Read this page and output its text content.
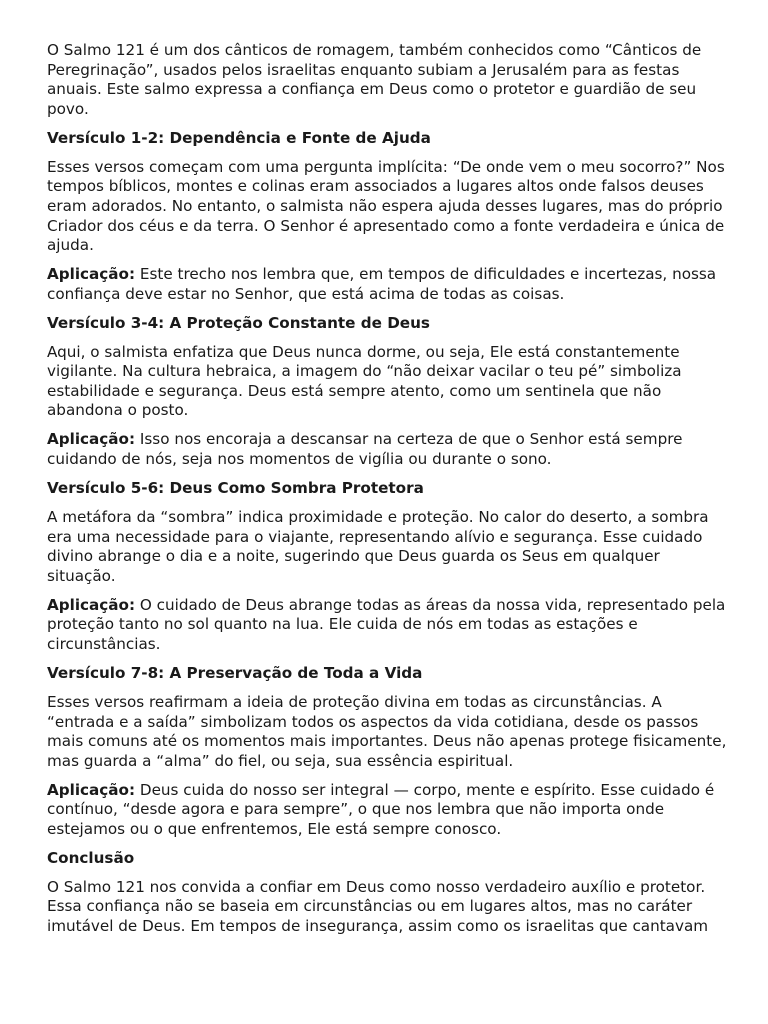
O Salmo 121 é um dos cânticos de romagem, também conhecidos como “Cânticos de Peregrinação”, usados pelos israelitas enquanto subiam a Jerusalém para as festas anuais. Este salmo expressa a confiança em Deus como o protetor e guardião de seu povo.

Versículo 1-2: Dependência e Fonte de Ajuda

Esses versos começam com uma pergunta implícita: “De onde vem o meu socorro?” Nos tempos bíblicos, montes e colinas eram associados a lugares altos onde falsos deuses eram adorados. No entanto, o salmista não espera ajuda desses lugares, mas do próprio Criador dos céus e da terra. O Senhor é apresentado como a fonte verdadeira e única de ajuda.

Aplicação: Este trecho nos lembra que, em tempos de dificuldades e incertezas, nossa confiança deve estar no Senhor, que está acima de todas as coisas.

Versículo 3-4: A Proteção Constante de Deus

Aqui, o salmista enfatiza que Deus nunca dorme, ou seja, Ele está constantemente vigilante. Na cultura hebraica, a imagem do “não deixar vacilar o teu pé” simboliza estabilidade e segurança. Deus está sempre atento, como um sentinela que não abandona o posto.

Aplicação: Isso nos encoraja a descansar na certeza de que o Senhor está sempre cuidando de nós, seja nos momentos de vigília ou durante o sono.

Versículo 5-6: Deus Como Sombra Protetora

A metáfora da “sombra” indica proximidade e proteção. No calor do deserto, a sombra era uma necessidade para o viajante, representando alívio e segurança. Esse cuidado divino abrange o dia e a noite, sugerindo que Deus guarda os Seus em qualquer situação.

Aplicação: O cuidado de Deus abrange todas as áreas da nossa vida, representado pela proteção tanto no sol quanto na lua. Ele cuida de nós em todas as estações e circunstâncias.

Versículo 7-8: A Preservação de Toda a Vida

Esses versos reafirmam a ideia de proteção divina em todas as circunstâncias. A “entrada e a saída” simbolizam todos os aspectos da vida cotidiana, desde os passos mais comuns até os momentos mais importantes. Deus não apenas protege fisicamente, mas guarda a “alma” do fiel, ou seja, sua essência espiritual.

Aplicação: Deus cuida do nosso ser integral — corpo, mente e espírito. Esse cuidado é contínuo, “desde agora e para sempre”, o que nos lembra que não importa onde estejamos ou o que enfrentemos, Ele está sempre conosco.

Conclusão

O Salmo 121 nos convida a confiar em Deus como nosso verdadeiro auxílio e protetor. Essa confiança não se baseia em circunstâncias ou em lugares altos, mas no caráter imutável de Deus. Em tempos de insegurança, assim como os israelitas que cantavam
